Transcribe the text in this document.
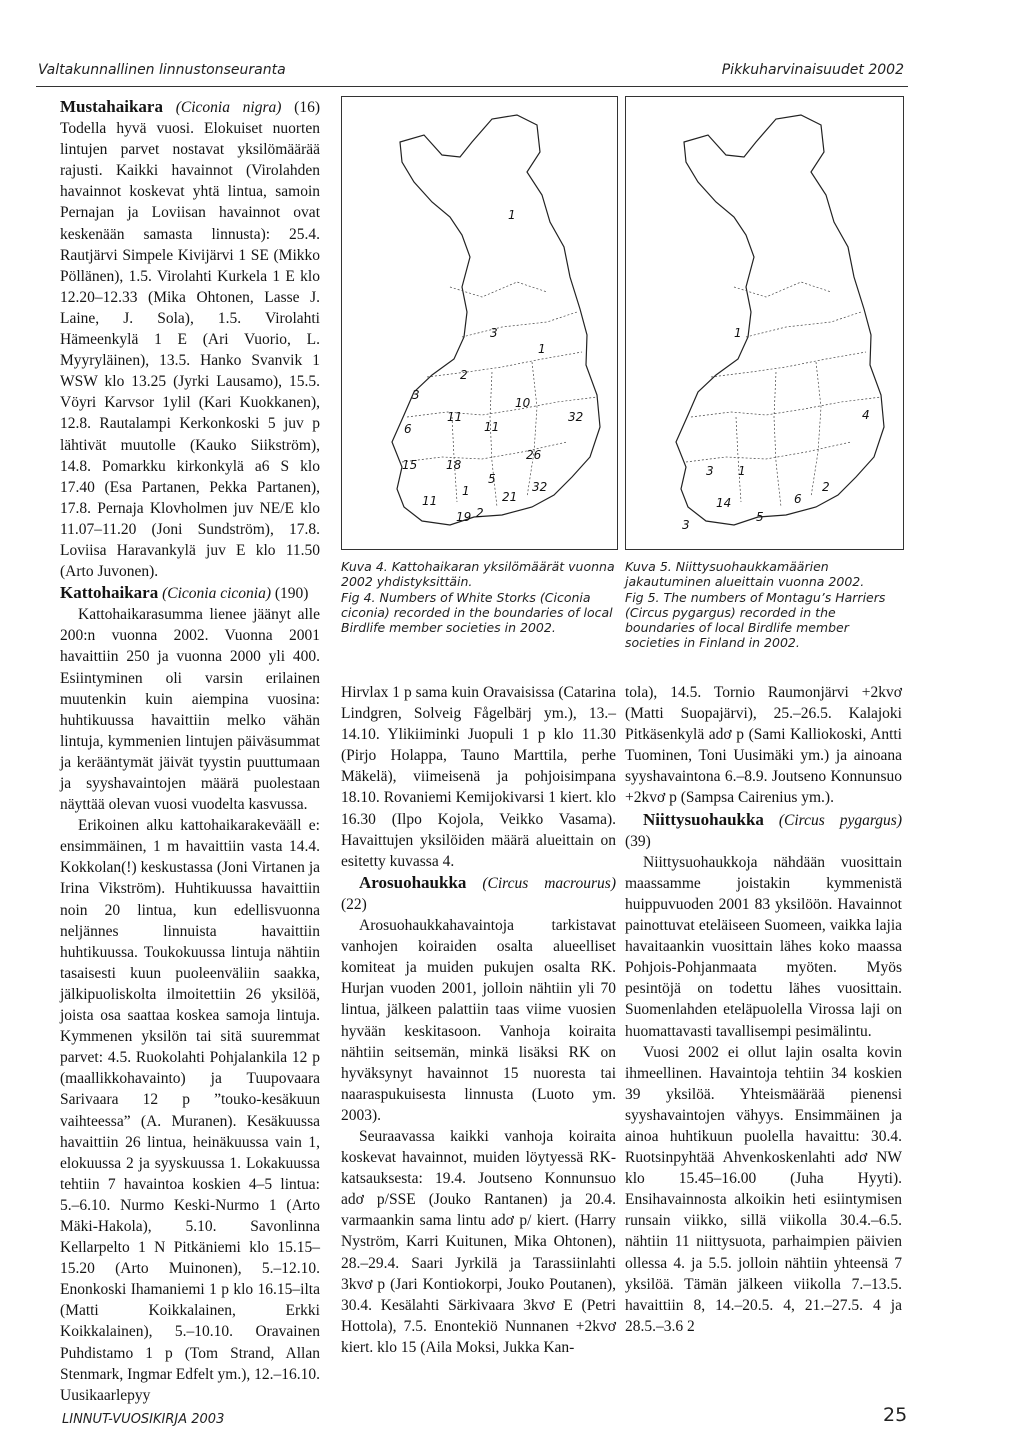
Valtakunnallinen linnustonseuranta	Pikkuharvinaisuudet 2002

Mustahaikara (Ciconia nigra) (16) Todella hyvä vuosi. Elokuiset nuorten lintujen parvet nostavat yksilömäärää rajusti. Kaikki havainnot (Virolahden havainnot koskevat yhtä lintua, samoin Pernajan ja Loviisan havainnot ovat keskenään samasta linnusta): 25.4. Rautjärvi Simpele Kivijärvi 1 SE (Mikko Pöllänen), 1.5. Virolahti Kurkela 1 E klo 12.20–12.33 (Mika Ohtonen, Lasse J. Laine, J. Sola), 1.5. Virolahti Hämeenkylä 1 E (Ari Vuorio, L. Myyryläinen), 13.5. Hanko Svanvik 1 WSW klo 13.25 (Jyrki Lausamo), 15.5. Vöyri Karvsor 1ylil (Kari Kuokkanen), 12.8. Rautalampi Kerkonkoski 5 juv p lähtivät muutolle (Kauko Siikström), 14.8. Pomarkku kirkonkylä a6 S klo 17.40 (Esa Partanen, Pekka Partanen), 17.8. Pernaja Klovholmen juv NE/E klo 11.07–11.20 (Joni Sundström), 17.8. Loviisa Haravankylä juv E klo 11.50 (Arto Juvonen).

Kattohaikara (Ciconia ciconia) (190)

Kattohaikarasumma lienee jäänyt alle 200:n vuonna 2002. Vuonna 2001 havaittiin 250 ja vuonna 2000 yli 400. Esiintyminen oli varsin erilainen muutenkin kuin aiempina vuosina: huhtikuussa havaittiin melko vähän lintuja, kymmenien lintujen päiväsummat ja kerääntymät jäivät tyystin puuttumaan ja syyshavaintojen määrä puolestaan näyttää olevan vuosi vuodelta kasvussa.

Erikoinen alku kattohaikarakevääll e: ensimmäinen, 1 m havaittiin vasta 14.4. Kokkolan(!) keskustassa (Joni Virtanen ja Irina Vikström). Huhtikuussa havaittiin noin 20 lintua, kun edellisvuonna neljännes linnuista havaittiin huhtikuussa. Toukokuussa lintuja nähtiin tasaisesti kuun puoleenväliin saakka, jälkipuoliskolta ilmoitettiin 26 yksilöä, joista osa saattaa koskea samoja lintuja. Kymmenen yksilön tai sitä suuremmat parvet: 4.5. Ruokolahti Pohjalankila 12 p (maallikkohavainto) ja Tuupovaara Sarivaara 12 p ”touko-kesäkuun vaihteessa” (A. Muranen). Kesäkuussa havaittiin 26 lintua, heinäkuussa vain 1, elokuussa 2 ja syyskuussa 1. Lokakuussa tehtiin 7 havaintoa koskien 4–5 lintua: 5.–6.10. Nurmo Keski-Nurmo 1 (Arto Mäki-Hakola), 5.10. Savonlinna Kellarpelto 1 N Pitkäniemi klo 15.15–15.20 (Arto Muinonen), 5.–12.10. Enonkoski Ihamaniemi 1 p klo 16.15–ilta (Matti Koikkalainen, Erkki Koikkalainen), 5.–10.10. Oravainen Puhdistamo 1 p (Tom Strand, Allan Stenmark, Ingmar Edfelt ym.), 12.–16.10. Uusikaarlepyy

1
3
1
2
3
10
32
11
6	11
26
15 18
5
32
11
1	21
19 2
1
4
3 1
2
14	6
5
3
Kuva 4. Kattohaikaran yksilömäärät vuonna 2002 yhdistyksittäin.
Fig 4. Numbers of White Storks (Ciconia ciconia) recorded in the boundaries of local Birdlife member societies in 2002.
Kuva 5. Niittysuohaukkamäärien jakautuminen alueittain vuonna 2002.
Fig 5. The numbers of Montagu’s Harriers (Circus pygargus) recorded in the boundaries of local Birdlife member societies in Finland in 2002.

Hirvlax 1 p sama kuin Oravaisissa (Catarina Lindgren, Solveig Fågelbärj ym.), 13.–14.10. Ylikiiminki Juopuli 1 p klo 11.30 (Pirjo Holappa, Tauno Marttila, perhe Mäkelä), viimeisenä ja pohjoisimpana 18.10. Rovaniemi Kemijokivarsi 1 kiert. klo 16.30 (Ilpo Kojola, Veikko Vasama). Havaittujen yksilöiden määrä alueittain on esitetty kuvassa 4.

Arosuohaukka (Circus macrourus) (22)

Arosuohaukkahavaintoja tarkistavat vanhojen koiraiden osalta alueelliset komiteat ja muiden pukujen osalta RK. Hurjan vuoden 2001, jolloin nähtiin yli 70 lintua, jälkeen palattiin taas viime vuosien hyvään keskitasoon. Vanhoja koiraita nähtiin seitsemän, minkä lisäksi RK on hyväksynyt havainnot 15 nuoresta tai naaraspukuisesta linnusta (Luoto ym. 2003).

Seuraavassa kaikki vanhoja koiraita koskevat havainnot, muiden löytyessä RK-katsauksesta: 19.4. Joutseno Konnunsuo adơ p/SSE (Jouko Rantanen) ja 20.4. varmaankin sama lintu adơ p/ kiert. (Harry Nyström, Karri Kuitunen, Mika Ohtonen), 28.–29.4. Saari Jyrkilä ja Tarassiinlahti 3kvơ p (Jari Kontiokorpi, Jouko Poutanen), 30.4. Kesälahti Särkivaara 3kvơ E (Petri Hottola), 7.5. Enontekiö Nunnanen +2kvơ kiert. klo 15 (Aila Moksi, Jukka Kan-

tola), 14.5. Tornio Raumonjärvi +2kvơ (Matti Suopajärvi), 25.–26.5. Kalajoki Pitkäsenkylä adơ p (Sami Kalliokoski, Antti Tuominen, Toni Uusimäki ym.) ja ainoana syyshavaintona 6.–8.9. Joutseno Konnunsuo +2kvơ p (Sampsa Cairenius ym.).

Niittysuohaukka (Circus pygargus) (39)

Niittysuohaukkoja nähdään vuosittain maassamme joistakin kymmenistä huippuvuoden 2001 83 yksilöön. Havainnot painottuvat eteläiseen Suomeen, vaikka lajia havaitaankin vuosittain lähes koko maassa Pohjois-Pohjanmaata myöten. Myös pesintöjä on todettu lähes vuosittain. Suomenlahden eteläpuolella Virossa laji on huomattavasti tavallisempi pesimälintu.

Vuosi 2002 ei ollut lajin osalta kovin ihmeellinen. Havaintoja tehtiin 34 koskien 39 yksilöä. Yhteismäärää pienensi syyshavaintojen vähyys. Ensimmäinen ja ainoa huhtikuun puolella havaittu: 30.4. Ruotsinpyhtää Ahvenkoskenlahti adơ NW klo 15.45–16.00 (Juha Hyyti). Ensihavainnosta alkoikin heti esiintymisen runsain viikko, sillä viikolla 30.4.–6.5. nähtiin 11 niittysuota, parhaimpien päivien ollessa 4. ja 5.5. jolloin nähtiin yhteensä 7 yksilöä. Tämän jälkeen viikolla 7.–13.5. havaittiin 8, 14.–20.5. 4, 21.–27.5. 4 ja 28.5.–3.6 2

LINNUT-VUOSIKIRJA 2003	25
